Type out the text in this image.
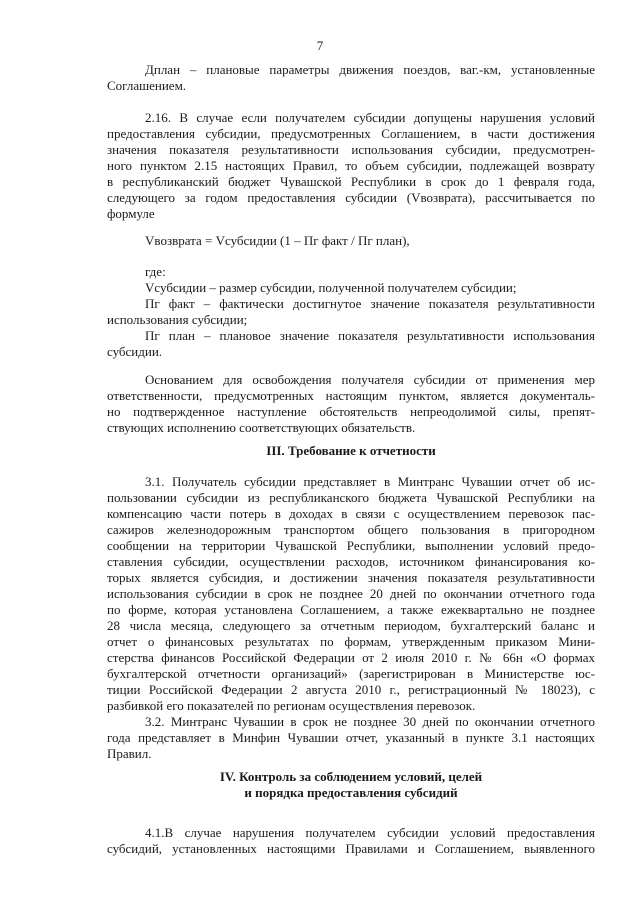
7
Дплан – плановые параметры движения поездов, ваг.-км, установленные
Соглашением.
2.16. В случае если получателем субсидии допущены нарушения условий
предоставления субсидии, предусмотренных Соглашением, в части достижения
значения показателя результативности использования субсидии, предусмотрен-
ного пунктом 2.15 настоящих Правил, то объем субсидии, подлежащей возврату
в республиканский бюджет Чувашской Республики в срок до 1 февраля года,
следующего за годом предоставления субсидии (Vвозврата), рассчитывается по
формуле
Vвозврата = Vсубсидии (1 – Пг факт / Пг план),
где:
Vсубсидии – размер субсидии, полученной получателем субсидии;
Пг факт – фактически достигнутое значение показателя результативности
использования субсидии;
Пг план – плановое значение показателя результативности использования
субсидии.
Основанием для освобождения получателя субсидии от применения мер
ответственности, предусмотренных настоящим пунктом, является документаль-
но подтвержденное наступление обстоятельств непреодолимой силы, препят-
ствующих исполнению соответствующих обязательств.
III. Требование к отчетности
3.1. Получатель субсидии представляет в Минтранс Чувашии отчет об ис-
пользовании субсидии из республиканского бюджета Чувашской Республики на
компенсацию части потерь в доходах в связи с осуществлением перевозок пас-
сажиров железнодорожным транспортом общего пользования в пригородном
сообщении на территории Чувашской Республики, выполнении условий предо-
ставления субсидии, осуществлении расходов, источником финансирования ко-
торых является субсидия, и достижении значения показателя результативности
использования субсидии в срок не позднее 20 дней по окончании отчетного года
по форме, которая установлена Соглашением, а также ежеквартально не позднее
28 числа месяца, следующего за отчетным периодом, бухгалтерский баланс и
отчет о финансовых результатах по формам, утвержденным приказом Мини-
стерства финансов Российской Федерации от 2 июля 2010 г. № 66н «О формах
бухгалтерской отчетности организаций» (зарегистрирован в Министерстве юс-
тиции Российской Федерации 2 августа 2010 г., регистрационный № 18023), с
разбивкой его показателей по регионам осуществления перевозок.
3.2. Минтранс Чувашии в срок не позднее 30 дней по окончании отчетного
года представляет в Минфин Чувашии отчет, указанный в пункте 3.1 настоящих
Правил.
IV. Контроль за соблюдением условий, целей
и порядка предоставления субсидий
4.1.В случае нарушения получателем субсидии условий предоставления
субсидий, установленных настоящими Правилами и Соглашением, выявленного
